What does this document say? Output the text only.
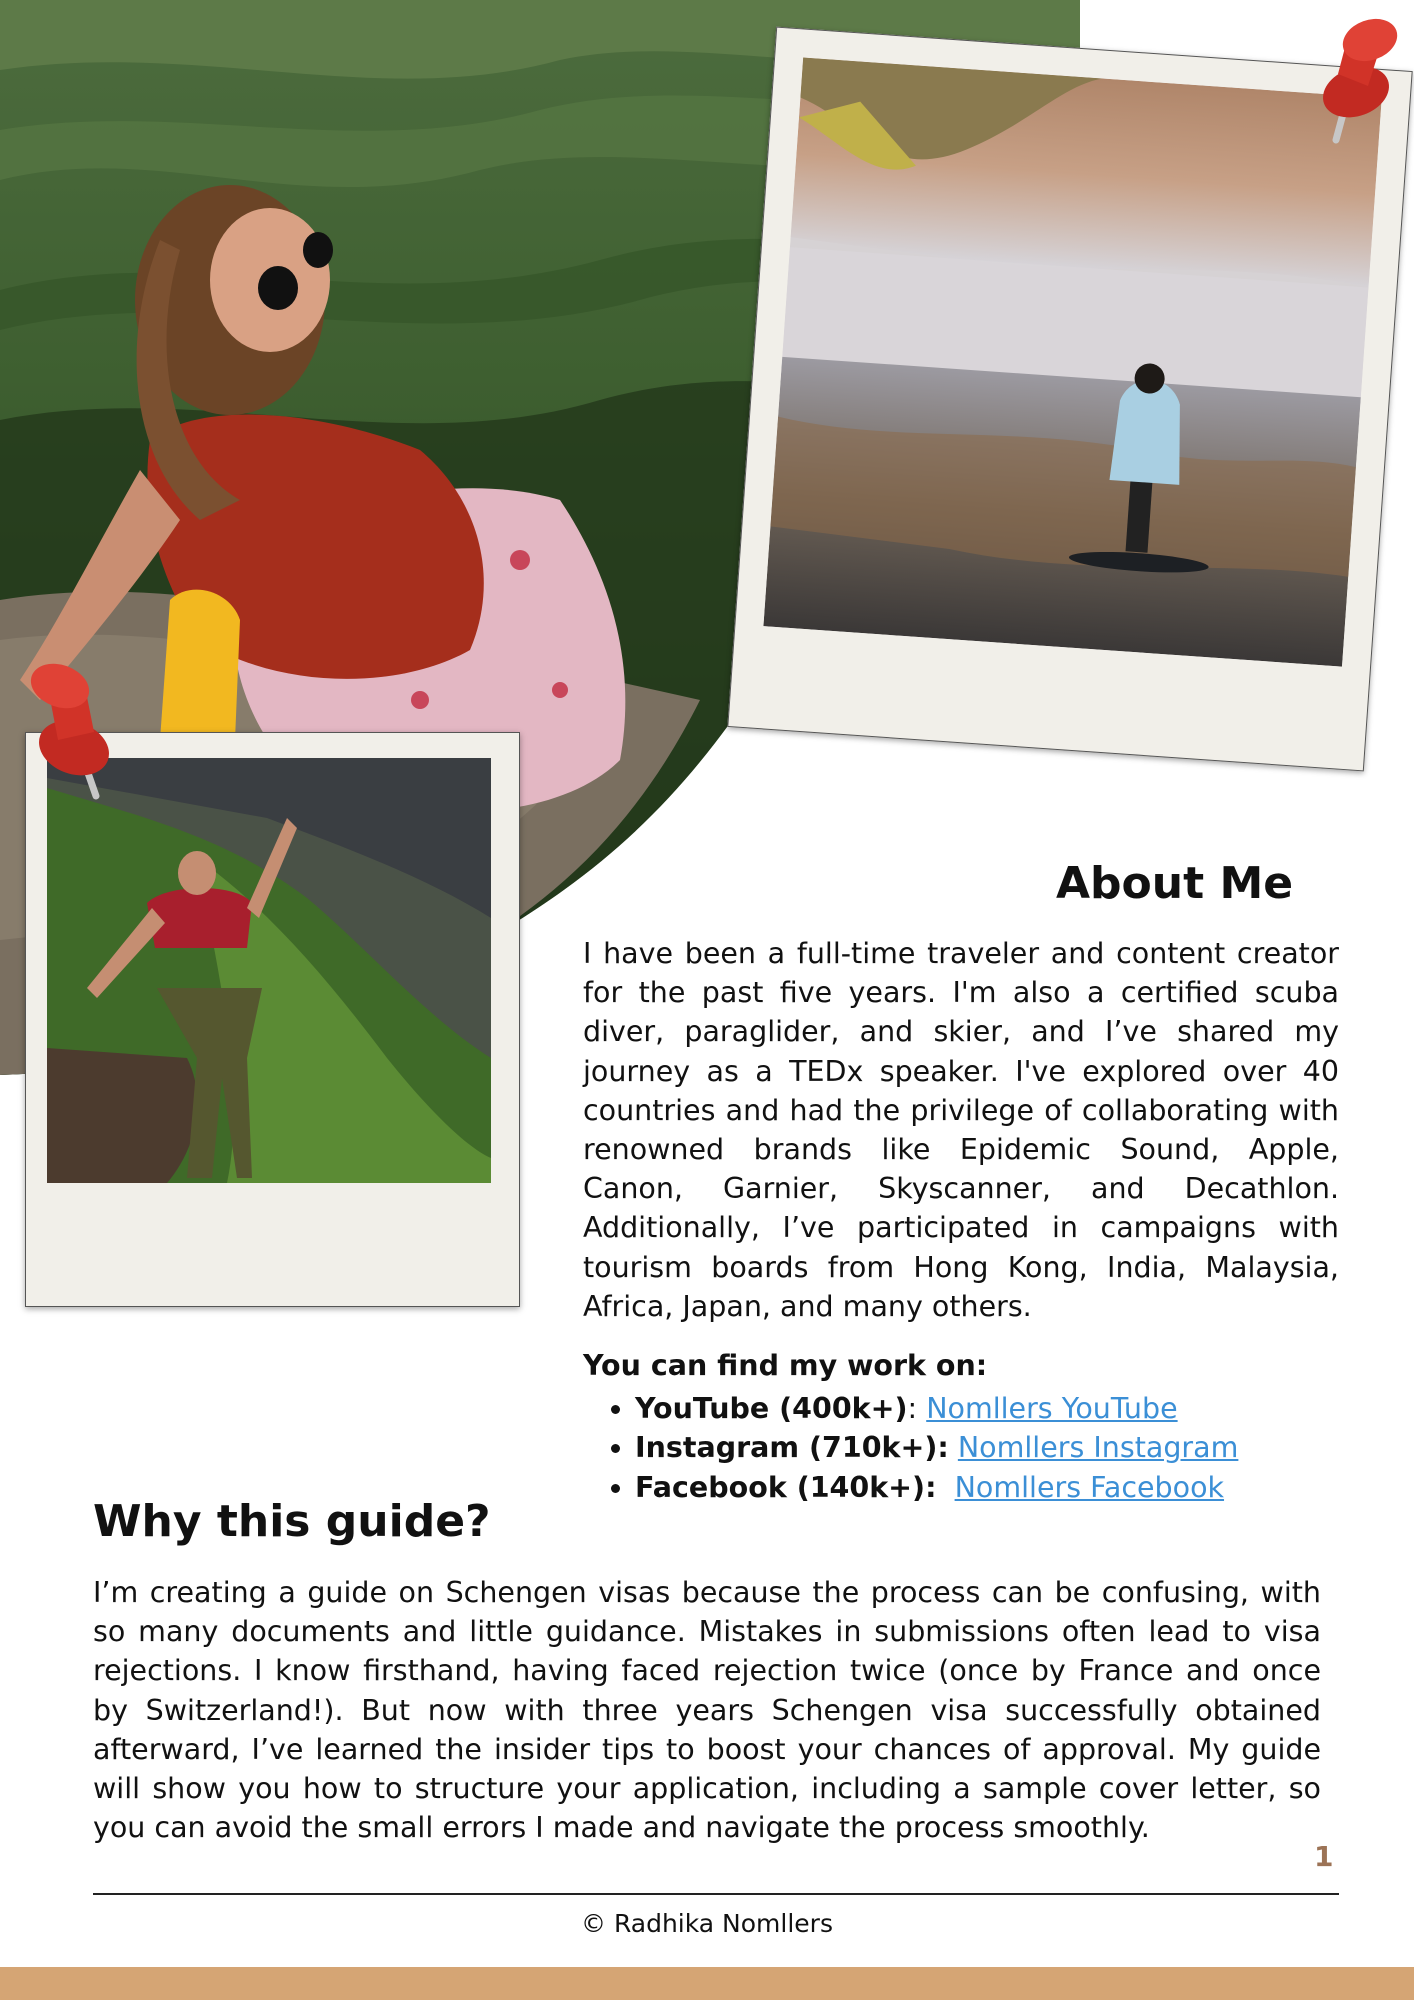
About Me

I have been a full-time traveler and content creator for the past five years. I'm also a certified scuba diver, paraglider, and skier, and I’ve shared my journey as a TEDx speaker. I've explored over 40 countries and had the privilege of collaborating with renowned brands like Epidemic Sound, Apple, Canon, Garnier, Skyscanner, and Decathlon. Additionally, I’ve participated in campaigns with tourism boards from Hong Kong, India, Malaysia, Africa, Japan, and many others.

You can find my work on:

• YouTube (400k+): Nomllers YouTube
• Instagram (710k+): Nomllers Instagram
• Facebook (140k+): Nomllers Facebook
Why this guide?

I’m creating a guide on Schengen visas because the process can be confusing, with so many documents and little guidance. Mistakes in submissions often lead to visa rejections. I know firsthand, having faced rejection twice (once by France and once by Switzerland!). But now with three years Schengen visa successfully obtained afterward, I’ve learned the insider tips to boost your chances of approval. My guide will show you how to structure your application, including a sample cover letter, so you can avoid the small errors I made and navigate the process smoothly.

1
© Radhika Nomllers
